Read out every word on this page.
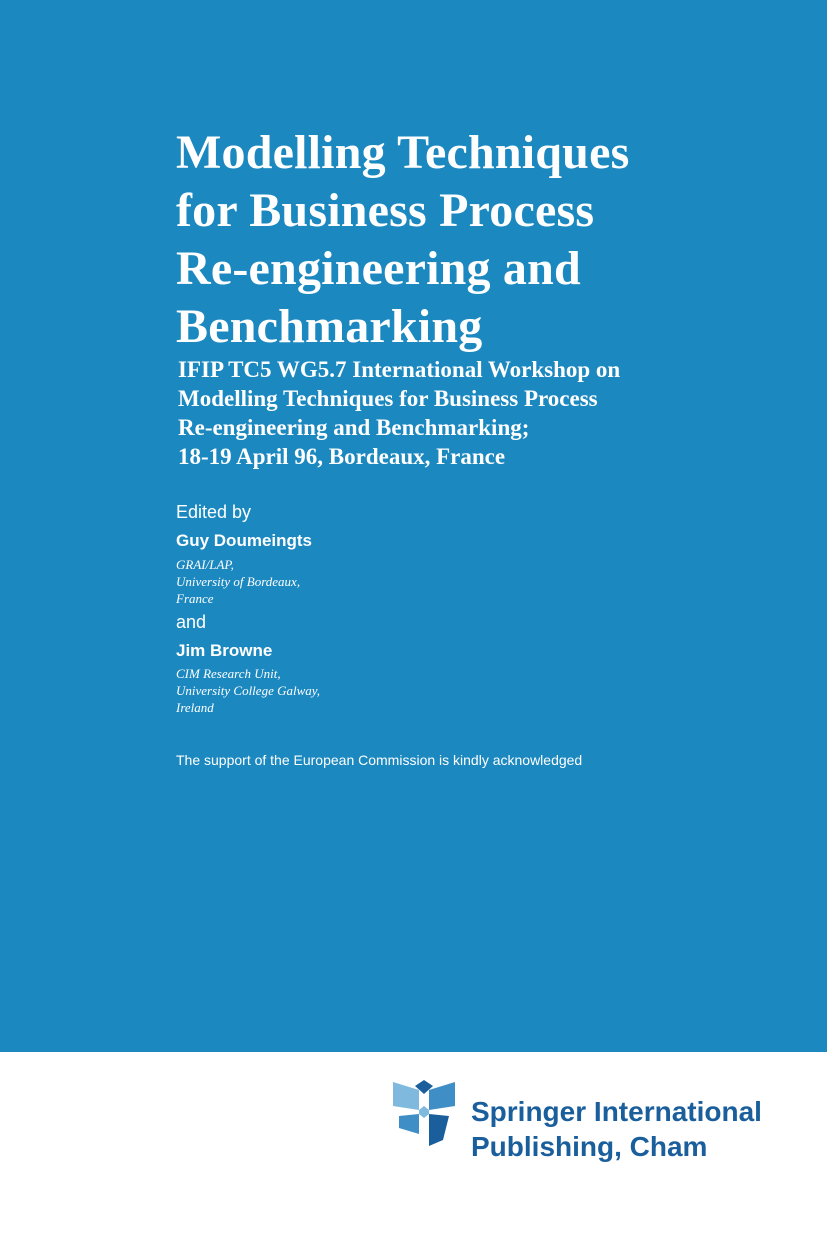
Modelling Techniques
for Business Process
Re-engineering and
Benchmarking
IFIP TC5 WG5.7 International Workshop on
Modelling Techniques for Business Process
Re-engineering and Benchmarking;
18-19 April 96, Bordeaux, France
Edited by
Guy Doumeingts
GRAI/LAP,
University of Bordeaux,
France
and
Jim Browne
CIM Research Unit,
University College Galway,
Ireland
The support of the European Commission is kindly acknowledged
Springer International
Publishing, Cham
